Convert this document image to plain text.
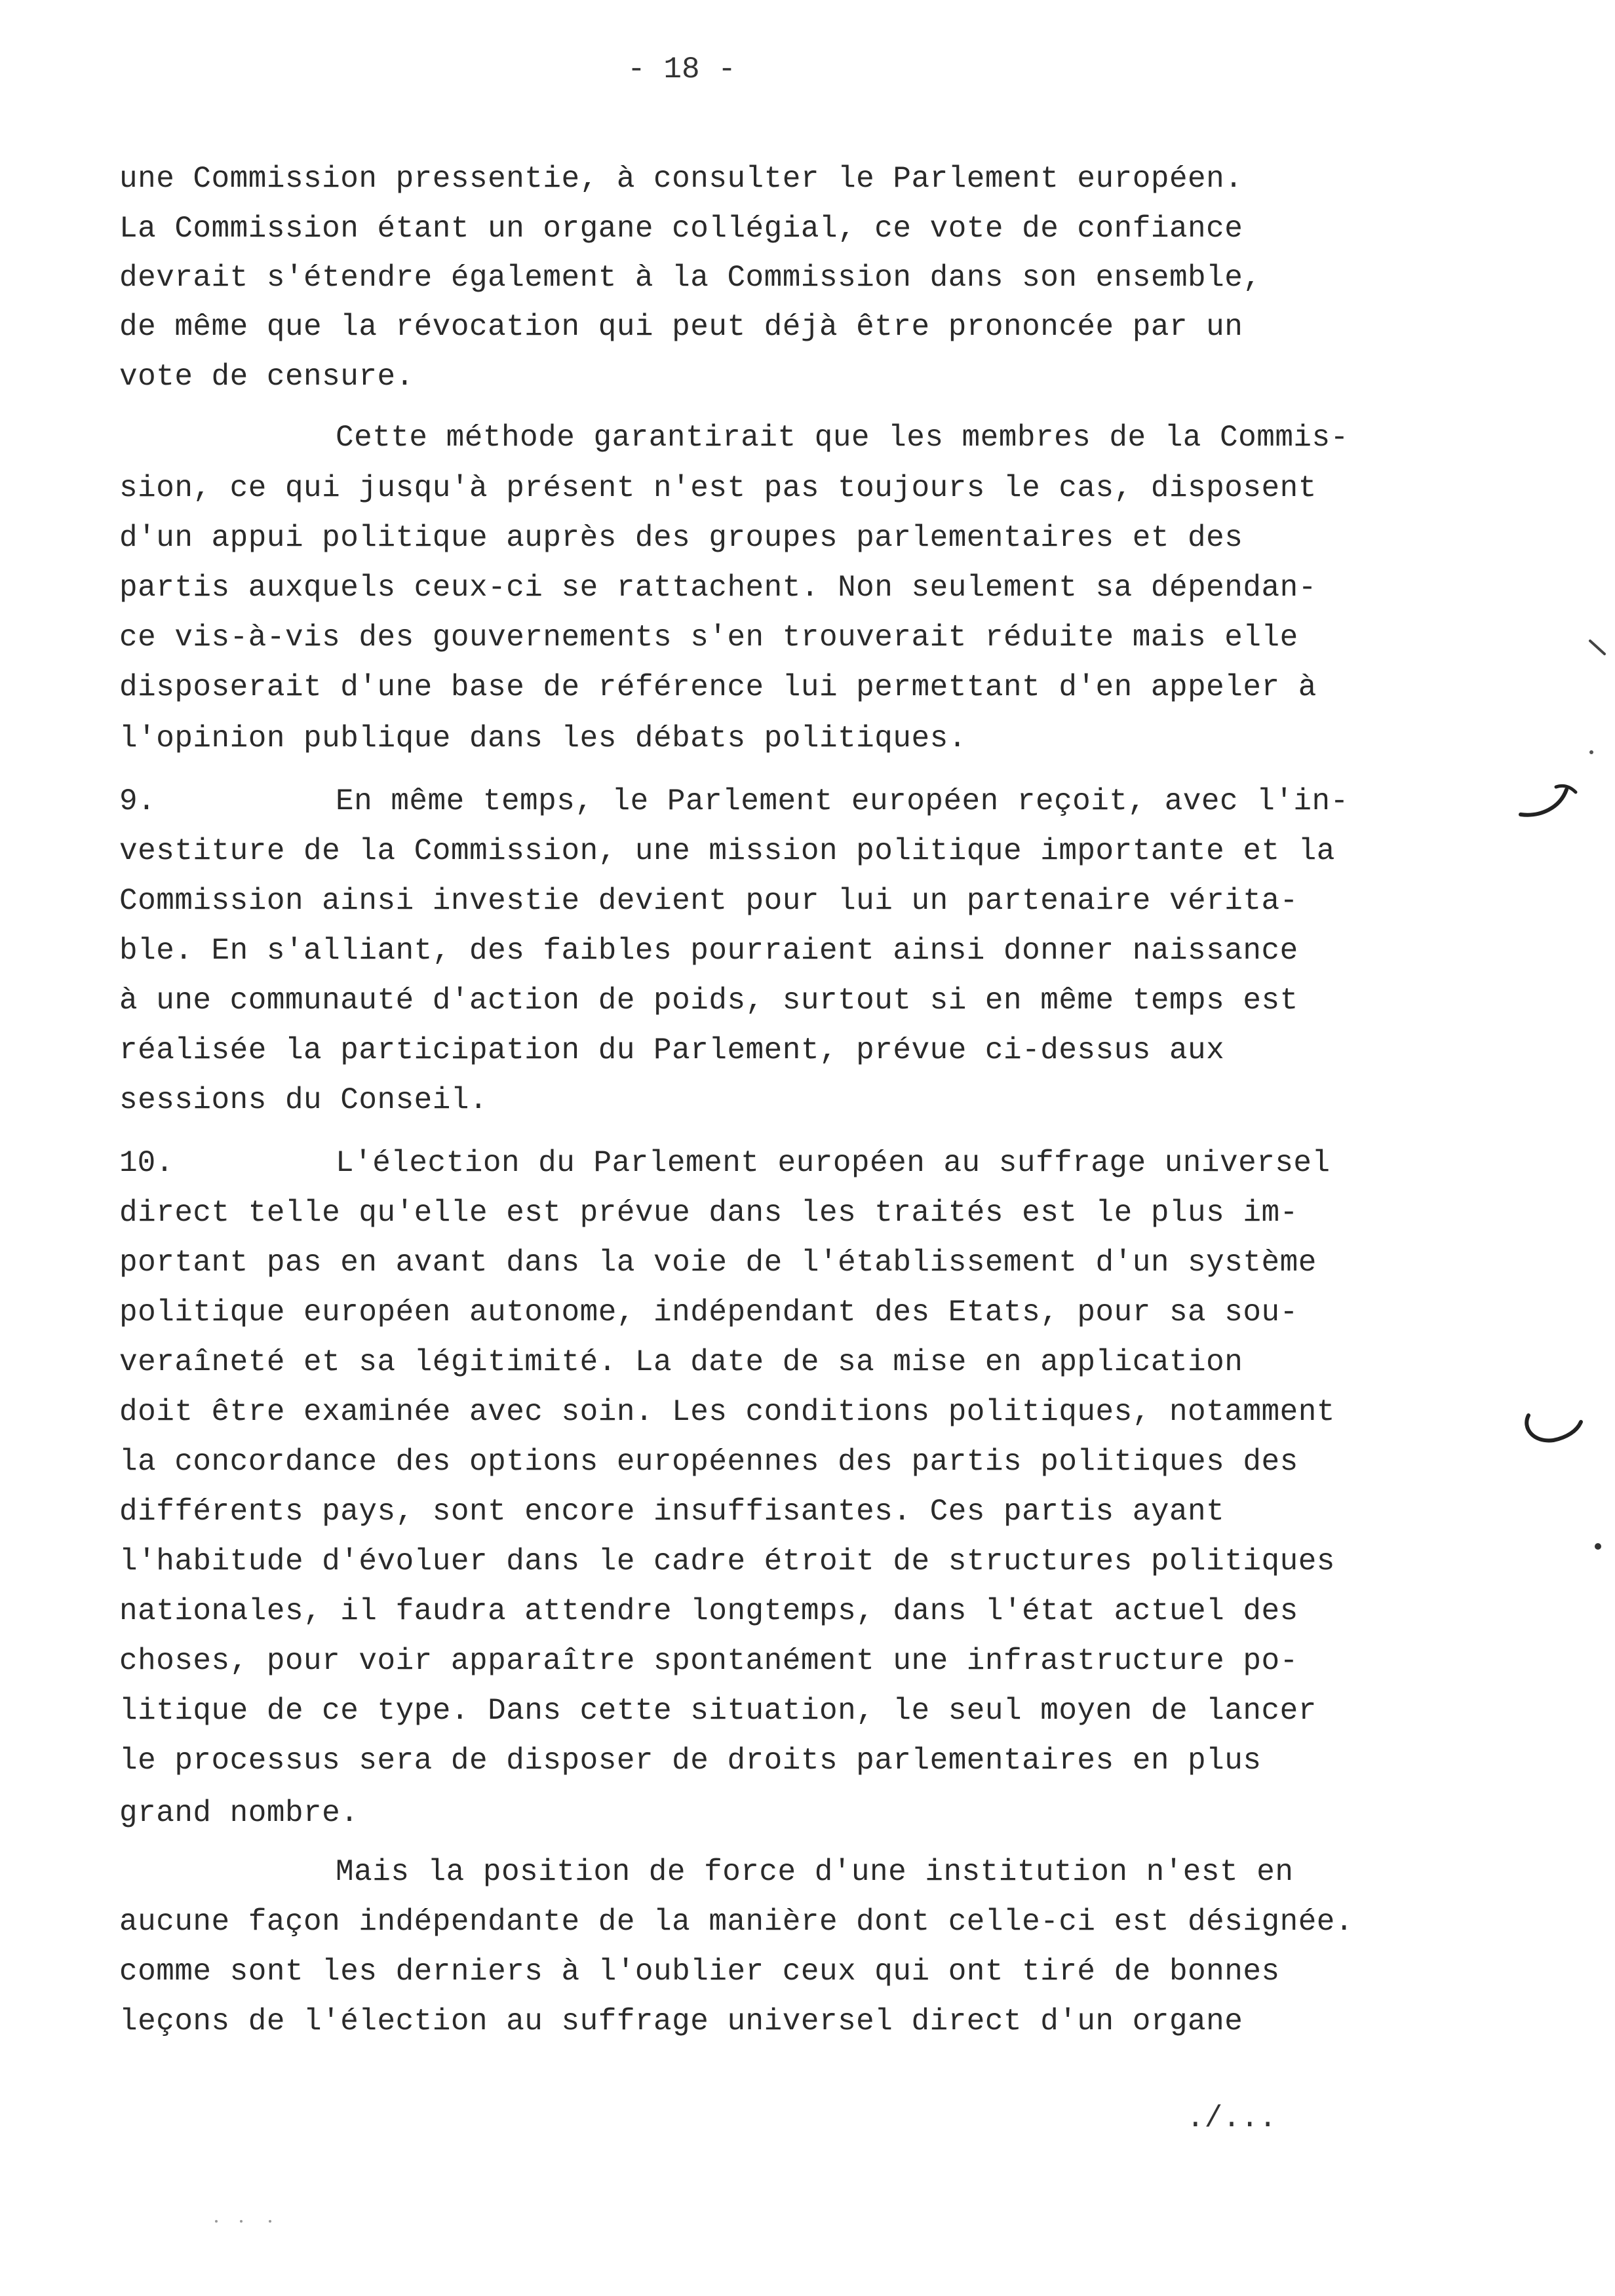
- 18 -
une Commission pressentie, à consulter le Parlement européen.
La Commission étant un organe collégial, ce vote de confiance
devrait s'étendre également à la Commission dans son ensemble,
de même que la révocation qui peut déjà être prononcée par un
vote de censure.
Cette méthode garantirait que les membres de la Commis-
sion, ce qui jusqu'à présent n'est pas toujours le cas, disposent
d'un appui politique auprès des groupes parlementaires et des
partis auxquels ceux-ci se rattachent. Non seulement sa dépendan-
ce vis-à-vis des gouvernements s'en trouverait réduite mais elle
disposerait d'une base de référence lui permettant d'en appeler à
l'opinion publique dans les débats politiques.
9.	En même temps, le Parlement européen reçoit, avec l'in-
vestiture de la Commission, une mission politique importante et la
Commission ainsi investie devient pour lui un partenaire vérita-
ble. En s'alliant, des faibles pourraient ainsi donner naissance
à une communauté d'action de poids, surtout si en même temps est
réalisée la participation du Parlement, prévue ci-dessus aux
sessions du Conseil.
10.	L'élection du Parlement européen au suffrage universel
direct telle qu'elle est prévue dans les traités est le plus im-
portant pas en avant dans la voie de l'établissement d'un système
politique européen autonome, indépendant des Etats, pour sa sou-
veraîneté et sa légitimité. La date de sa mise en application
doit être examinée avec soin. Les conditions politiques, notamment
la concordance des options européennes des partis politiques des
différents pays, sont encore insuffisantes. Ces partis ayant
l'habitude d'évoluer dans le cadre étroit de structures politiques
nationales, il faudra attendre longtemps, dans l'état actuel des
choses, pour voir apparaître spontanément une infrastructure po-
litique de ce type. Dans cette situation, le seul moyen de lancer
le processus sera de disposer de droits parlementaires en plus
grand nombre.
Mais la position de force d'une institution n'est en
aucune façon indépendante de la manière dont celle-ci est désignée.
comme sont les derniers à l'oublier ceux qui ont tiré de bonnes
leçons de l'élection au suffrage universel direct d'un organe
./...
